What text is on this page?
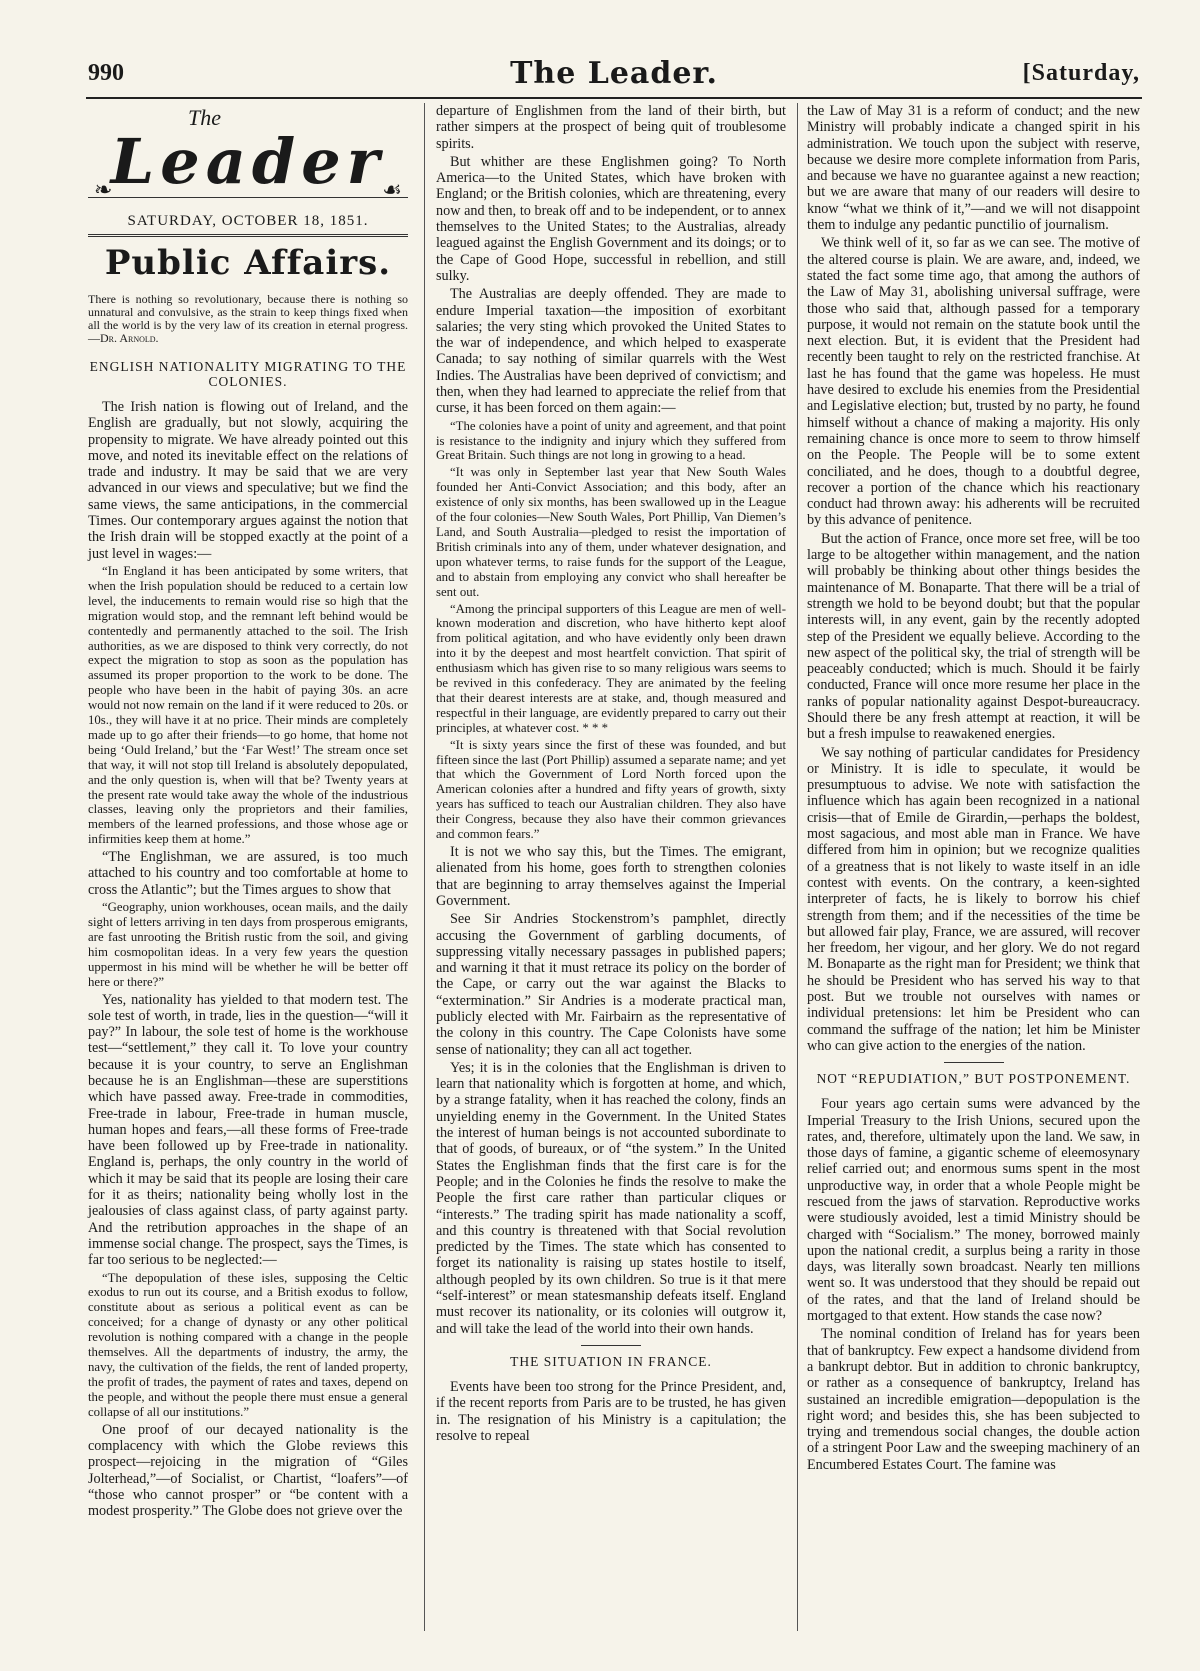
990	The Leader.	[Saturday,
The
Leader
❧	☙
SATURDAY, OCTOBER 18, 1851.
Public Affairs.
There is nothing so revolutionary, because there is nothing so unnatural and convulsive, as the strain to keep things fixed when all the world is by the very law of its creation in eternal progress.—Dr. Arnold.
ENGLISH NATIONALITY MIGRATING TO THE COLONIES.

The Irish nation is flowing out of Ireland, and the English are gradually, but not slowly, acquiring the propensity to migrate. We have already pointed out this move, and noted its inevitable effect on the relations of trade and industry. It may be said that we are very advanced in our views and speculative; but we find the same views, the same anticipations, in the commercial Times. Our contemporary argues against the notion that the Irish drain will be stopped exactly at the point of a just level in wages:—

“In England it has been anticipated by some writers, that when the Irish population should be reduced to a certain low level, the inducements to remain would rise so high that the migration would stop, and the remnant left behind would be contentedly and permanently attached to the soil. The Irish authorities, as we are disposed to think very correctly, do not expect the migration to stop as soon as the population has assumed its proper proportion to the work to be done. The people who have been in the habit of paying 30s. an acre would not now remain on the land if it were reduced to 20s. or 10s., they will have it at no price. Their minds are completely made up to go after their friends—to go home, that home not being ‘Ould Ireland,’ but the ‘Far West!’ The stream once set that way, it will not stop till Ireland is absolutely depopulated, and the only question is, when will that be? Twenty years at the present rate would take away the whole of the industrious classes, leaving only the proprietors and their families, members of the learned professions, and those whose age or infirmities keep them at home.”

“The Englishman, we are assured, is too much attached to his country and too comfortable at home to cross the Atlantic”; but the Times argues to show that

“Geography, union workhouses, ocean mails, and the daily sight of letters arriving in ten days from prosperous emigrants, are fast unrooting the British rustic from the soil, and giving him cosmopolitan ideas. In a very few years the question uppermost in his mind will be whether he will be better off here or there?”

Yes, nationality has yielded to that modern test. The sole test of worth, in trade, lies in the question—“will it pay?” In labour, the sole test of home is the workhouse test—“settlement,” they call it. To love your country because it is your country, to serve an Englishman because he is an Englishman—these are superstitions which have passed away. Free-trade in commodities, Free-trade in labour, Free-trade in human muscle, human hopes and fears,—all these forms of Free-trade have been followed up by Free-trade in nationality. England is, perhaps, the only country in the world of which it may be said that its people are losing their care for it as theirs; nationality being wholly lost in the jealousies of class against class, of party against party. And the retribution approaches in the shape of an immense social change. The prospect, says the Times, is far too serious to be neglected:—

“The depopulation of these isles, supposing the Celtic exodus to run out its course, and a British exodus to follow, constitute about as serious a political event as can be conceived; for a change of dynasty or any other political revolution is nothing compared with a change in the people themselves. All the departments of industry, the army, the navy, the cultivation of the fields, the rent of landed property, the profit of trades, the payment of rates and taxes, depend on the people, and without the people there must ensue a general collapse of all our institutions.”

One proof of our decayed nationality is the complacency with which the Globe reviews this prospect—rejoicing in the migration of “Giles Jolterhead,”—of Socialist, or Chartist, “loafers”—of “those who cannot prosper” or “be content with a modest prosperity.” The Globe does not grieve over the

departure of Englishmen from the land of their birth, but rather simpers at the prospect of being quit of troublesome spirits.

But whither are these Englishmen going? To North America—to the United States, which have broken with England; or the British colonies, which are threatening, every now and then, to break off and to be independent, or to annex themselves to the United States; to the Australias, already leagued against the English Government and its doings; or to the Cape of Good Hope, successful in rebellion, and still sulky.

The Australias are deeply offended. They are made to endure Imperial taxation—the imposition of exorbitant salaries; the very sting which provoked the United States to the war of independence, and which helped to exasperate Canada; to say nothing of similar quarrels with the West Indies. The Australias have been deprived of convictism; and then, when they had learned to appreciate the relief from that curse, it has been forced on them again:—

“The colonies have a point of unity and agreement, and that point is resistance to the indignity and injury which they suffered from Great Britain. Such things are not long in growing to a head.

“It was only in September last year that New South Wales founded her Anti-Convict Association; and this body, after an existence of only six months, has been swallowed up in the League of the four colonies—New South Wales, Port Phillip, Van Diemen’s Land, and South Australia—pledged to resist the importation of British criminals into any of them, under whatever designation, and upon whatever terms, to raise funds for the support of the League, and to abstain from employing any convict who shall hereafter be sent out.

“Among the principal supporters of this League are men of well-known moderation and discretion, who have hitherto kept aloof from political agitation, and who have evidently only been drawn into it by the deepest and most heartfelt conviction. That spirit of enthusiasm which has given rise to so many religious wars seems to be revived in this confederacy. They are animated by the feeling that their dearest interests are at stake, and, though measured and respectful in their language, are evidently prepared to carry out their principles, at whatever cost. * * *

“It is sixty years since the first of these was founded, and but fifteen since the last (Port Phillip) assumed a separate name; and yet that which the Government of Lord North forced upon the American colonies after a hundred and fifty years of growth, sixty years has sufficed to teach our Australian children. They also have their Congress, because they also have their common grievances and common fears.”

It is not we who say this, but the Times. The emigrant, alienated from his home, goes forth to strengthen colonies that are beginning to array themselves against the Imperial Government.

See Sir Andries Stockenstrom’s pamphlet, directly accusing the Government of garbling documents, of suppressing vitally necessary passages in published papers; and warning it that it must retrace its policy on the border of the Cape, or carry out the war against the Blacks to “extermination.” Sir Andries is a moderate practical man, publicly elected with Mr. Fairbairn as the representative of the colony in this country. The Cape Colonists have some sense of nationality; they can all act together.

Yes; it is in the colonies that the Englishman is driven to learn that nationality which is forgotten at home, and which, by a strange fatality, when it has reached the colony, finds an unyielding enemy in the Government. In the United States the interest of human beings is not accounted subordinate to that of goods, of bureaux, or of “the system.” In the United States the Englishman finds that the first care is for the People; and in the Colonies he finds the resolve to make the People the first care rather than particular cliques or “interests.” The trading spirit has made nationality a scoff, and this country is threatened with that Social revolution predicted by the Times. The state which has consented to forget its nationality is raising up states hostile to itself, although peopled by its own children. So true is it that mere “self-interest” or mean statesmanship defeats itself. England must recover its nationality, or its colonies will outgrow it, and will take the lead of the world into their own hands.

THE SITUATION IN FRANCE.

Events have been too strong for the Prince President, and, if the recent reports from Paris are to be trusted, he has given in. The resignation of his Ministry is a capitulation; the resolve to repeal

the Law of May 31 is a reform of conduct; and the new Ministry will probably indicate a changed spirit in his administration. We touch upon the subject with reserve, because we desire more complete information from Paris, and because we have no guarantee against a new reaction; but we are aware that many of our readers will desire to know “what we think of it,”—and we will not disappoint them to indulge any pedantic punctilio of journalism.

We think well of it, so far as we can see. The motive of the altered course is plain. We are aware, and, indeed, we stated the fact some time ago, that among the authors of the Law of May 31, abolishing universal suffrage, were those who said that, although passed for a temporary purpose, it would not remain on the statute book until the next election. But, it is evident that the President had recently been taught to rely on the restricted franchise. At last he has found that the game was hopeless. He must have desired to exclude his enemies from the Presidential and Legislative election; but, trusted by no party, he found himself without a chance of making a majority. His only remaining chance is once more to seem to throw himself on the People. The People will be to some extent conciliated, and he does, though to a doubtful degree, recover a portion of the chance which his reactionary conduct had thrown away: his adherents will be recruited by this advance of penitence.

But the action of France, once more set free, will be too large to be altogether within management, and the nation will probably be thinking about other things besides the maintenance of M. Bonaparte. That there will be a trial of strength we hold to be beyond doubt; but that the popular interests will, in any event, gain by the recently adopted step of the President we equally believe. According to the new aspect of the political sky, the trial of strength will be peaceably conducted; which is much. Should it be fairly conducted, France will once more resume her place in the ranks of popular nationality against Despot-bureaucracy. Should there be any fresh attempt at reaction, it will be but a fresh impulse to reawakened energies.

We say nothing of particular candidates for Presidency or Ministry. It is idle to speculate, it would be presumptuous to advise. We note with satisfaction the influence which has again been recognized in a national crisis—that of Emile de Girardin,—perhaps the boldest, most sagacious, and most able man in France. We have differed from him in opinion; but we recognize qualities of a greatness that is not likely to waste itself in an idle contest with events. On the contrary, a keen-sighted interpreter of facts, he is likely to borrow his chief strength from them; and if the necessities of the time be but allowed fair play, France, we are assured, will recover her freedom, her vigour, and her glory. We do not regard M. Bonaparte as the right man for President; we think that he should be President who has served his way to that post. But we trouble not ourselves with names or individual pretensions: let him be President who can command the suffrage of the nation; let him be Minister who can give action to the energies of the nation.

NOT “REPUDIATION,” BUT POSTPONEMENT.

Four years ago certain sums were advanced by the Imperial Treasury to the Irish Unions, secured upon the rates, and, therefore, ultimately upon the land. We saw, in those days of famine, a gigantic scheme of eleemosynary relief carried out; and enormous sums spent in the most unproductive way, in order that a whole People might be rescued from the jaws of starvation. Reproductive works were studiously avoided, lest a timid Ministry should be charged with “Socialism.” The money, borrowed mainly upon the national credit, a surplus being a rarity in those days, was literally sown broadcast. Nearly ten millions went so. It was understood that they should be repaid out of the rates, and that the land of Ireland should be mortgaged to that extent. How stands the case now?

The nominal condition of Ireland has for years been that of bankruptcy. Few expect a handsome dividend from a bankrupt debtor. But in addition to chronic bankruptcy, or rather as a consequence of bankruptcy, Ireland has sustained an incredible emigration—depopulation is the right word; and besides this, she has been subjected to trying and tremendous social changes, the double action of a stringent Poor Law and the sweeping machinery of an Encumbered Estates Court. The famine was
